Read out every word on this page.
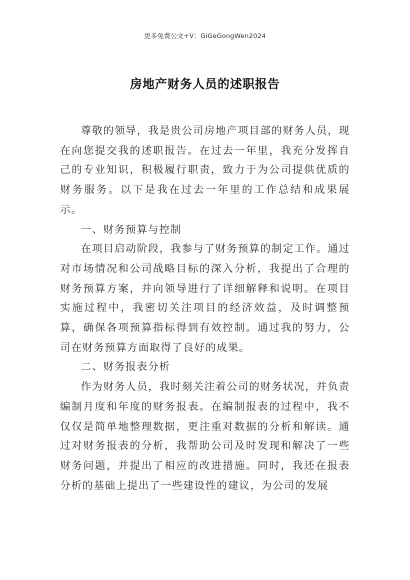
更多免费公文+V：GiGeGongWen2024
房地产财务人员的述职报告

尊敬的领导，我是贵公司房地产项目部的财务人员，现在向您提交我的述职报告。在过去一年里，我充分发挥自己的专业知识，积极履行职责，致力于为公司提供优质的财务服务。以下是我在过去一年里的工作总结和成果展示。

一、财务预算与控制

在项目启动阶段，我参与了财务预算的制定工作。通过对市场情况和公司战略目标的深入分析，我提出了合理的财务预算方案，并向领导进行了详细解释和说明。在项目实施过程中，我密切关注项目的经济效益，及时调整预算，确保各项预算指标得到有效控制。通过我的努力，公司在财务预算方面取得了良好的成果。

二、财务报表分析

作为财务人员，我时刻关注着公司的财务状况，并负责编制月度和年度的财务报表。在编制报表的过程中，我不仅仅是简单地整理数据，更注重对数据的分析和解读。通过对财务报表的分析，我帮助公司及时发现和解决了一些财务问题，并提出了相应的改进措施。同时，我还在报表分析的基础上提出了一些建设性的建议，为公司的发展
